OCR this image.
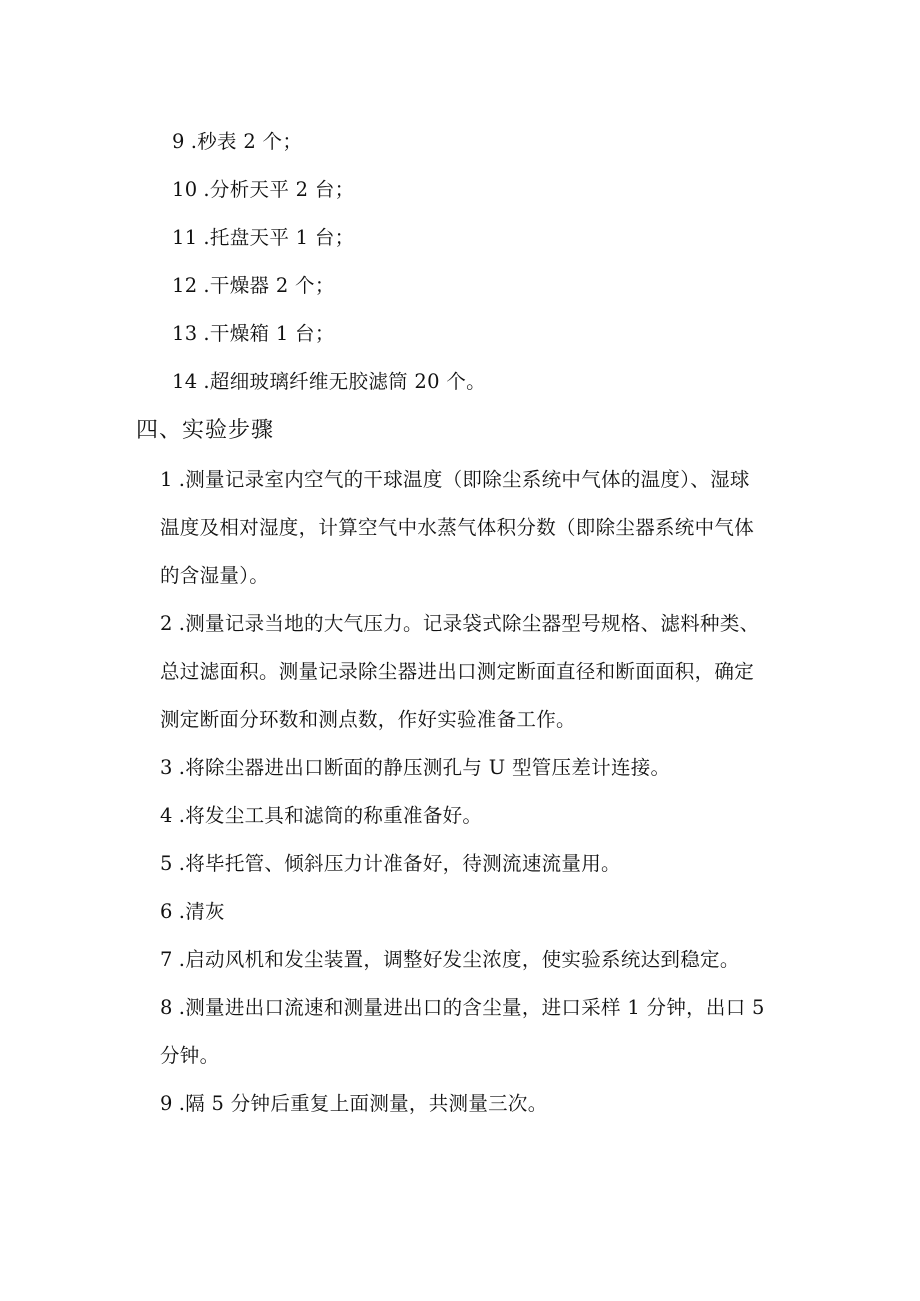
9 .秒表 2 个；
10 .分析天平 2 台；
11 .托盘天平 1 台；
12 .干燥器 2 个；
13 .干燥箱 1 台；
14 .超细玻璃纤维无胶滤筒 20 个。
四、实验步骤
1 .测量记录室内空气的干球温度（即除尘系统中气体的温度）、湿球
温度及相对湿度，计算空气中水蒸气体积分数（即除尘器系统中气体
的含湿量）。
2 .测量记录当地的大气压力。记录袋式除尘器型号规格、滤料种类、
总过滤面积。测量记录除尘器进出口测定断面直径和断面面积，确定
测定断面分环数和测点数，作好实验准备工作。
3 .将除尘器进出口断面的静压测孔与 U 型管压差计连接。
4 .将发尘工具和滤筒的称重准备好。
5 .将毕托管、倾斜压力计准备好，待测流速流量用。
6 .清灰
7 .启动风机和发尘装置，调整好发尘浓度，使实验系统达到稳定。
8 .测量进出口流速和测量进出口的含尘量，进口采样 1 分钟，出口 5
分钟。
9 .隔 5 分钟后重复上面测量，共测量三次。
